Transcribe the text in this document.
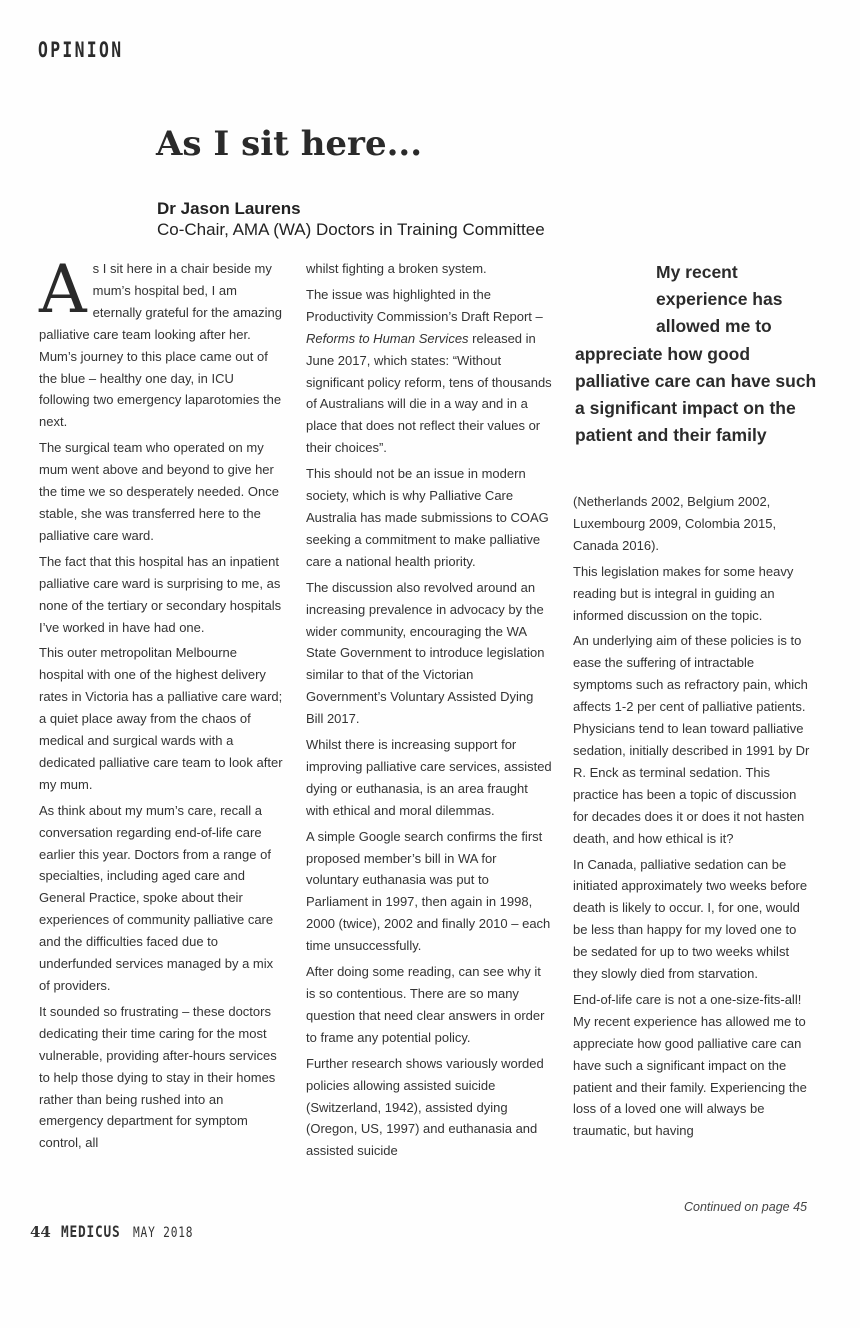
OPINION
As I sit here...
Dr Jason Laurens
Co-Chair, AMA (WA) Doctors in Training Committee

As I sit here in a chair beside my mum’s hospital bed, I am eternally grateful for the amazing palliative care team looking after her. Mum’s journey to this place came out of the blue – healthy one day, in ICU following two emergency laparotomies the next.

The surgical team who operated on my mum went above and beyond to give her the time we so desperately needed. Once stable, she was transferred here to the palliative care ward.

The fact that this hospital has an inpatient palliative care ward is surprising to me, as none of the tertiary or secondary hospitals I’ve worked in have had one.

This outer metropolitan Melbourne hospital with one of the highest delivery rates in Victoria has a palliative care ward; a quiet place away from the chaos of medical and surgical wards with a dedicated palliative care team to look after my mum.

As think about my mum’s care, recall a conversation regarding end-of-life care earlier this year. Doctors from a range of specialties, including aged care and General Practice, spoke about their experiences of community palliative care and the difficulties faced due to underfunded services managed by a mix of providers.

It sounded so frustrating – these doctors dedicating their time caring for the most vulnerable, providing after-hours services to help those dying to stay in their homes rather than being rushed into an emergency department for symptom control, all

whilst fighting a broken system.

The issue was highlighted in the Productivity Commission’s Draft Report – Reforms to Human Services released in June 2017, which states: “Without significant policy reform, tens of thousands of Australians will die in a way and in a place that does not reflect their values or their choices”.

This should not be an issue in modern society, which is why Palliative Care Australia has made submissions to COAG seeking a commitment to make palliative care a national health priority.

The discussion also revolved around an increasing prevalence in advocacy by the wider community, encouraging the WA State Government to introduce legislation similar to that of the Victorian Government’s Voluntary Assisted Dying Bill 2017.

Whilst there is increasing support for improving palliative care services, assisted dying or euthanasia, is an area fraught with ethical and moral dilemmas.

A simple Google search confirms the first proposed member’s bill in WA for voluntary euthanasia was put to Parliament in 1997, then again in 1998, 2000 (twice), 2002 and finally 2010 – each time unsuccessfully.

After doing some reading, can see why it is so contentious. There are so many question that need clear answers in order to frame any potential policy.

Further research shows variously worded policies allowing assisted suicide (Switzerland, 1942), assisted dying (Oregon, US, 1997) and euthanasia and assisted suicide

My recent
experience has
allowed me to
appreciate how good
palliative care can have such
a significant impact on the
patient and their family

(Netherlands 2002, Belgium 2002, Luxembourg 2009, Colombia 2015, Canada 2016).

This legislation makes for some heavy reading but is integral in guiding an informed discussion on the topic.

An underlying aim of these policies is to ease the suffering of intractable symptoms such as refractory pain, which affects 1-2 per cent of palliative patients. Physicians tend to lean toward palliative sedation, initially described in 1991 by Dr R. Enck as terminal sedation. This practice has been a topic of discussion for decades does it or does it not hasten death, and how ethical is it?

In Canada, palliative sedation can be initiated approximately two weeks before death is likely to occur. I, for one, would be less than happy for my loved one to be sedated for up to two weeks whilst they slowly died from starvation.

End-of-life care is not a one-size-fits-all! My recent experience has allowed me to appreciate how good palliative care can have such a significant impact on the patient and their family. Experiencing the loss of a loved one will always be traumatic, but having

Continued on page 45
44 MEDICUS MAY 2018
